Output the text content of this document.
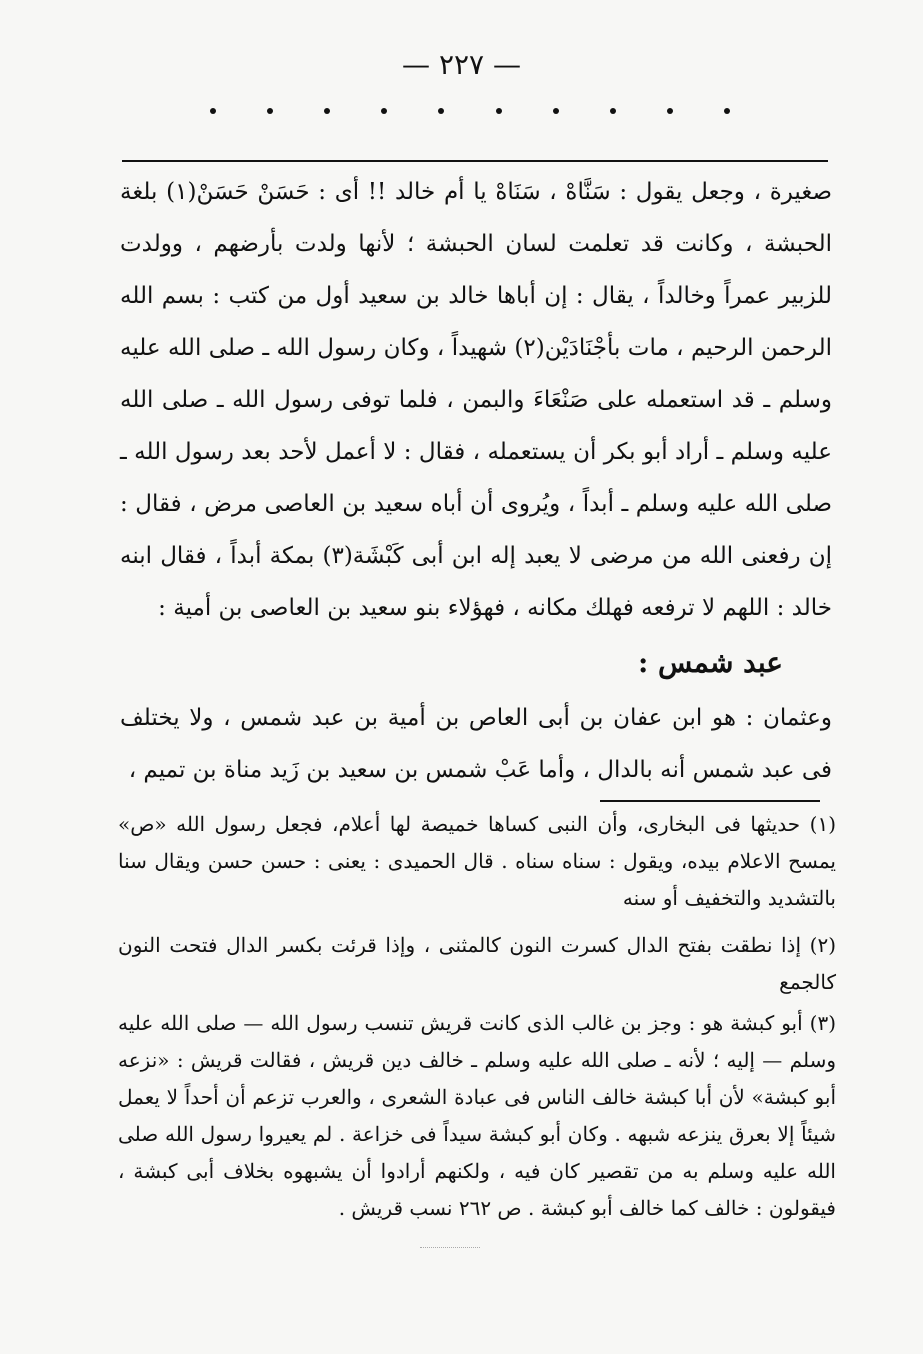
— ٢٢٧ —

صغيرة ، وجعل يقول : سَنَّاهْ ، سَنَاهْ يا أم خالد !! أى : حَسَنْ حَسَنْ(١) بلغة الحبشة ، وكانت قد تعلمت لسان الحبشة ؛ لأنها ولدت بأرضهم ، وولدت للزبير عمراً وخالداً ، يقال : إن أباها خالد بن سعيد أول من كتب : بسم الله الرحمن الرحيم ، مات بأجْنَادَيْن(٢) شهيداً ، وكان رسول الله ـ صلى الله عليه وسلم ـ قد استعمله على صَنْعَاءَ والبمن ، فلما توفى رسول الله ـ صلى الله عليه وسلم ـ أراد أبو بكر أن يستعمله ، فقال : لا أعمل لأحد بعد رسول الله ـ صلى الله عليه وسلم ـ أبداً ، ويُروى أن أباه سعيد بن العاصى مرض ، فقال : إن رفعنى الله من مرضى لا يعبد إله ابن أبى كَبْشَة(٣) بمكة أبداً ، فقال ابنه خالد : اللهم لا ترفعه فهلك مكانه ، فهؤلاء بنو سعيد بن العاصى بن أمية :

عبد شمس :

وعثمان : هو ابن عفان بن أبى العاص بن أمية بن عبد شمس ، ولا يختلف فى عبد شمس أنه بالدال ، وأما عَبْ شمس بن سعيد بن زَيد مناة بن تميم ،

(١) حديثها فى البخارى، وأن النبى كساها خميصة لها أعلام، فجعل رسول الله «ص» يمسح الاعلام بيده، ويقول : سناه سناه . قال الحميدى : يعنى : حسن حسن ويقال سنا بالتشديد والتخفيف أو سنه

(٢) إذا نطقت بفتح الدال كسرت النون كالمثنى ، وإذا قرئت بكسر الدال فتحت النون كالجمع

(٣) أبو كبشة هو : وجز بن غالب الذى كانت قريش تنسب رسول الله — صلى الله عليه وسلم — إليه ؛ لأنه ـ صلى الله عليه وسلم ـ خالف دين قريش ، فقالت قريش : «نزعه أبو كبشة» لأن أبا كبشة خالف الناس فى عبادة الشعرى ، والعرب تزعم أن أحداً لا يعمل شيئاً إلا بعرق ينزعه شبهه . وكان أبو كبشة سيداً فى خزاعة . لم يعيروا رسول الله صلى الله عليه وسلم به من تقصير كان فيه ، ولكنهم أرادوا أن يشبهوه بخلاف أبى كبشة ، فيقولون : خالف كما خالف أبو كبشة . ص ٢٦٢ نسب قريش .
